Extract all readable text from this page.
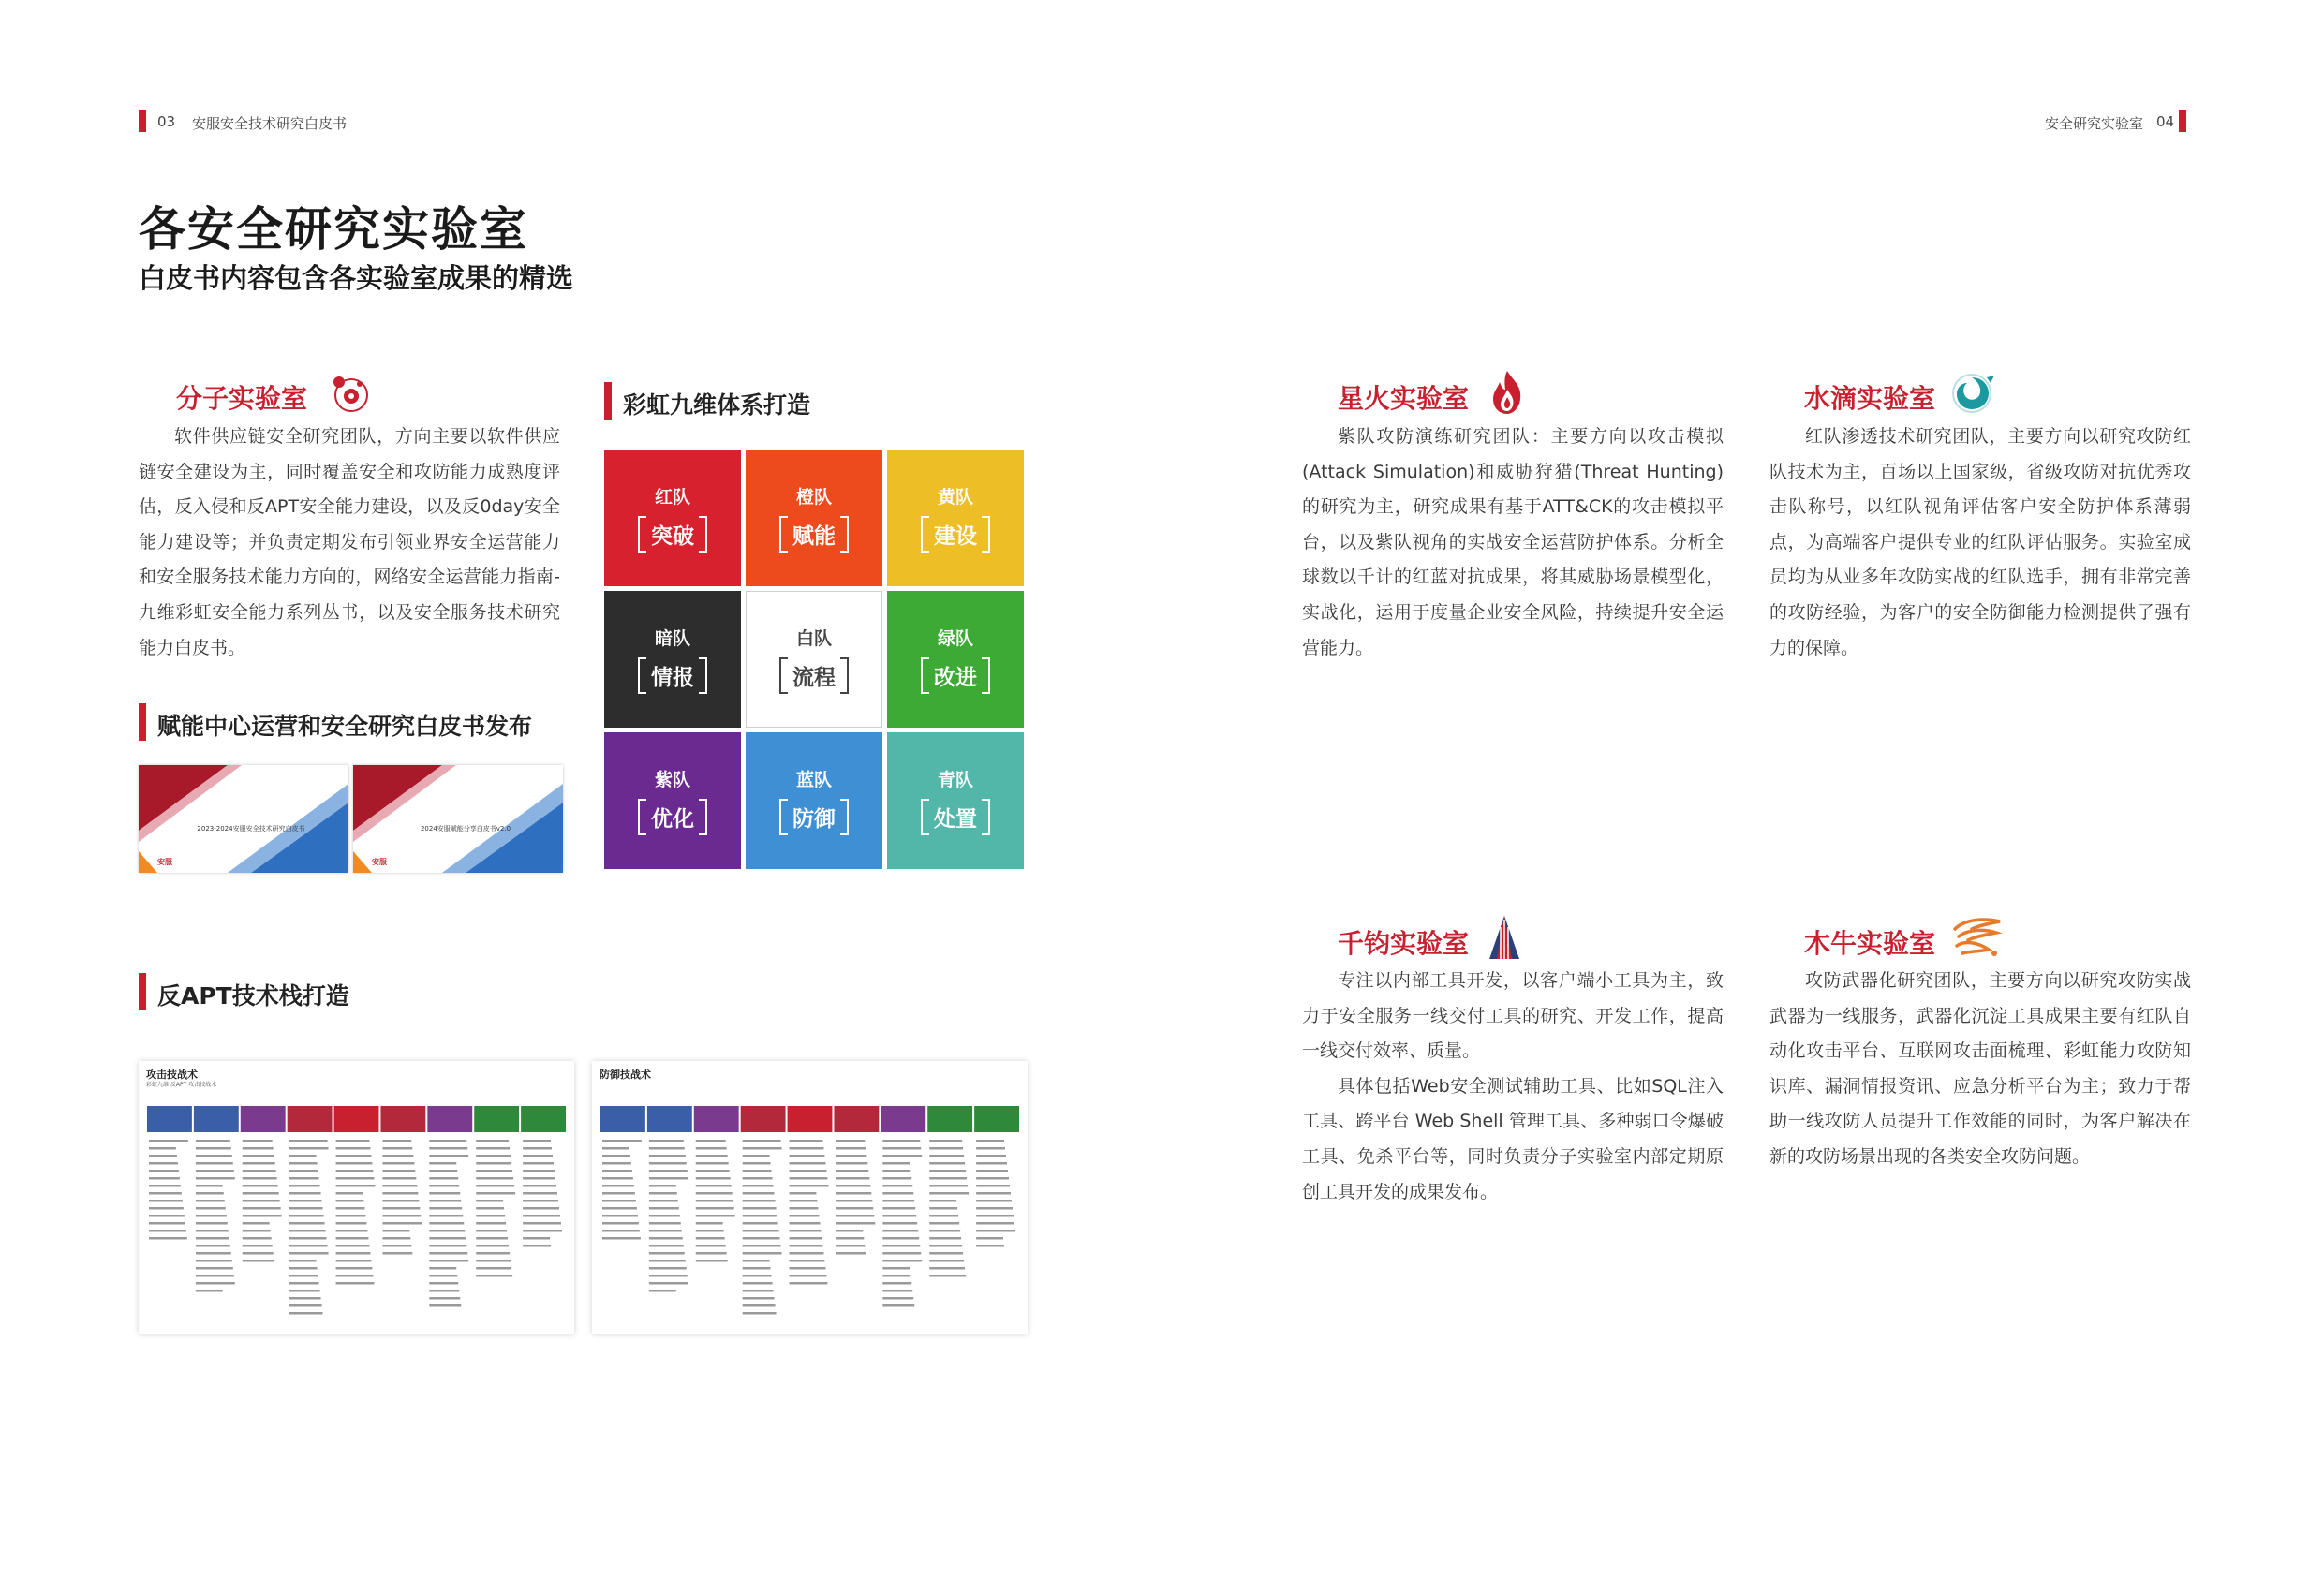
03 安服安全技术研究白皮书	安全研究实验室 04
各安全研究实验室
白皮书内容包含各实验室成果的精选
分子实验室

软件供应链安全研究团队，方向主要以软件供应链安全建设为主，同时覆盖安全和攻防能力成熟度评估，反入侵和反APT安全能力建设，以及反0day安全能力建设等；并负责定期发布引领业界安全运营能力和安全服务技术能力方向的，网络安全运营能力指南-九维彩虹安全能力系列丛书，以及安全服务技术研究能力白皮书。

赋能中心运营和安全研究白皮书发布
2023-2024安服安全技术研究白皮书
安服
2024安服赋能分享白皮书v2.0
安服
彩虹九维体系打造
红队
突破
橙队
赋能
黄队
建设
暗队
情报
白队
流程
绿队
改进
紫队
优化
蓝队
防御
青队
处置
反APT技术栈打造
攻击技战术
彩虹九维 反APT 攻击技战术
防御技战术
星火实验室

紫队攻防演练研究团队：主要方向以攻击模拟(Attack Simulation)和威胁狩猎(Threat Hunting)的研究为主，研究成果有基于ATT&CK的攻击模拟平台，以及紫队视角的实战安全运营防护体系。分析全球数以千计的红蓝对抗成果，将其威胁场景模型化，实战化，运用于度量企业安全风险，持续提升安全运营能力。

水滴实验室

红队渗透技术研究团队，主要方向以研究攻防红队技术为主，百场以上国家级，省级攻防对抗优秀攻击队称号，以红队视角评估客户安全防护体系薄弱点，为高端客户提供专业的红队评估服务。实验室成员均为从业多年攻防实战的红队选手，拥有非常完善的攻防经验，为客户的安全防御能力检测提供了强有力的保障。

千钧实验室

专注以内部工具开发，以客户端小工具为主，致力于安全服务一线交付工具的研究、开发工作，提高一线交付效率、质量。

具体包括Web安全测试辅助工具、比如SQL注入工具、跨平台 Web Shell 管理工具、多种弱口令爆破工具、免杀平台等，同时负责分子实验室内部定期原创工具开发的成果发布。

木牛实验室

攻防武器化研究团队，主要方向以研究攻防实战武器为一线服务，武器化沉淀工具成果主要有红队自动化攻击平台、互联网攻击面梳理、彩虹能力攻防知识库、漏洞情报资讯、应急分析平台为主；致力于帮助一线攻防人员提升工作效能的同时，为客户解决在新的攻防场景出现的各类安全攻防问题。
